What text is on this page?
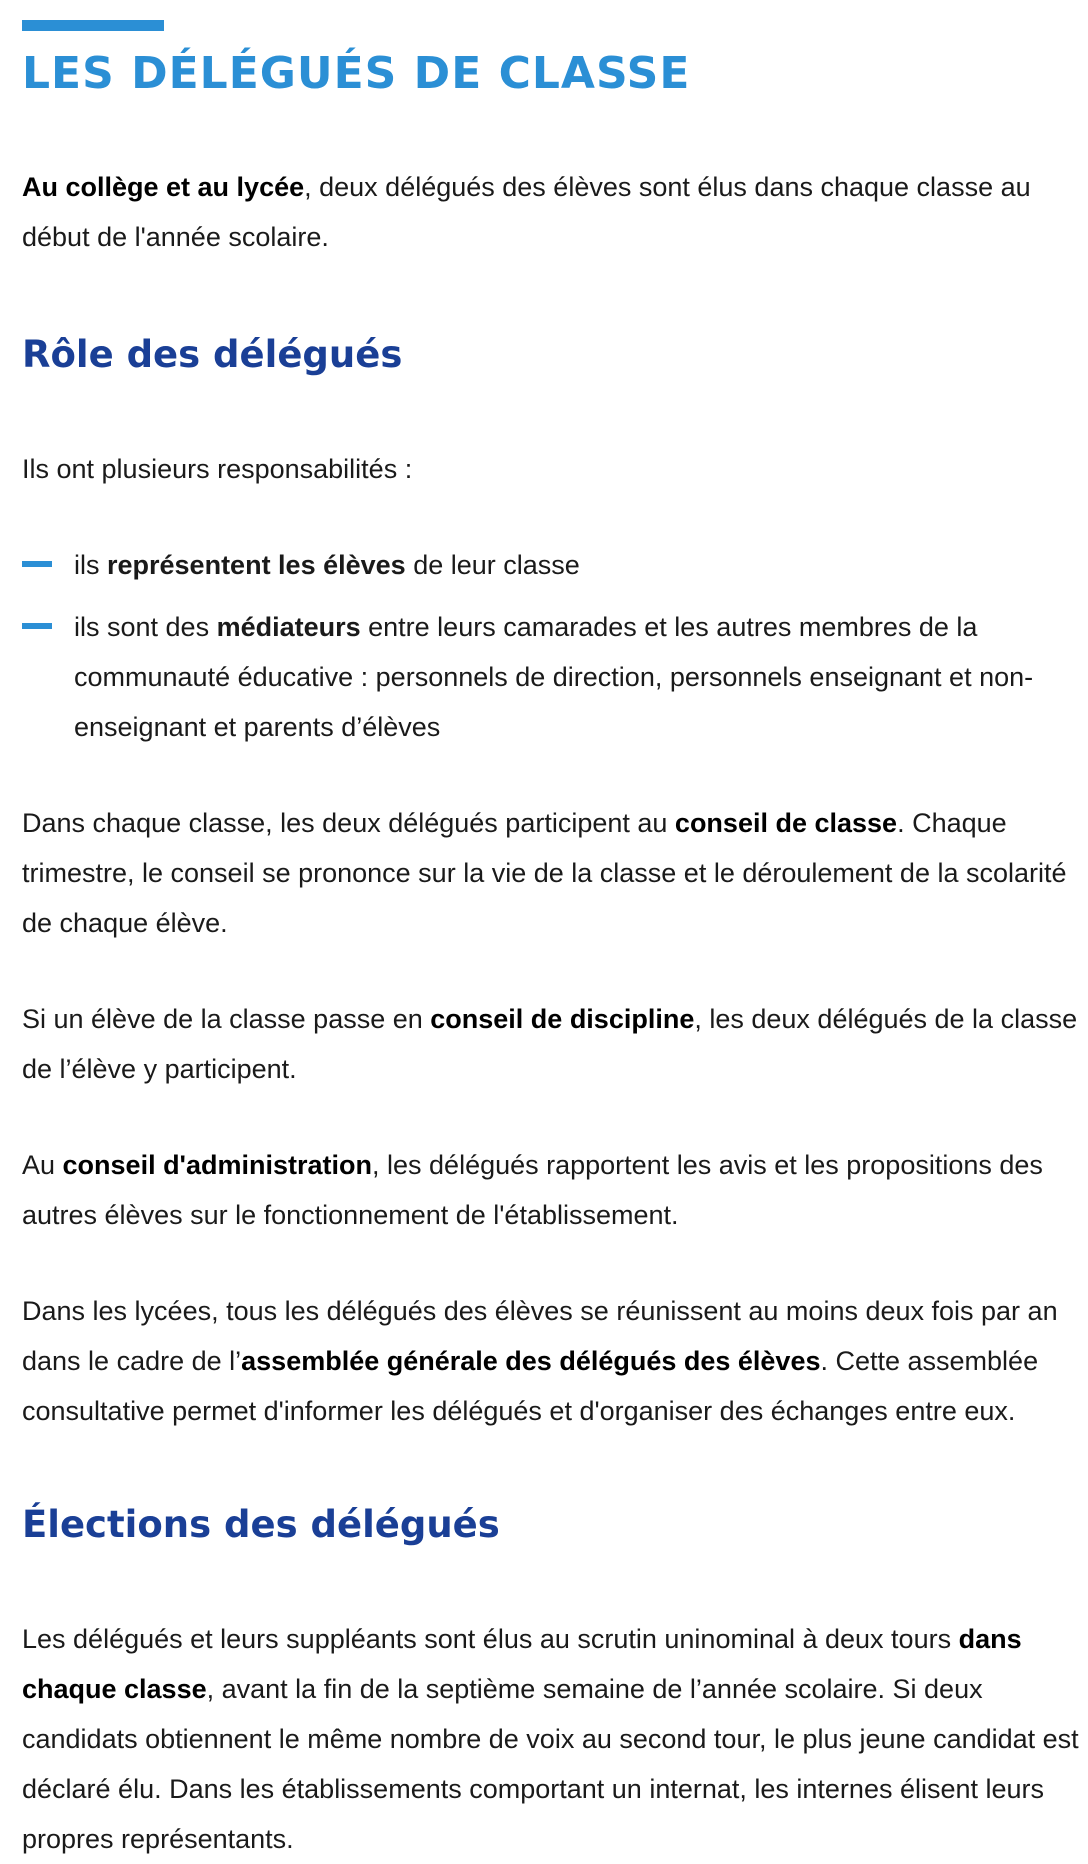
LES DÉLÉGUÉS DE CLASSE

Au collège et au lycée, deux délégués des élèves sont élus dans chaque classe au début de l'année scolaire.

Rôle des délégués

Ils ont plusieurs responsabilités :

ils représentent les élèves de leur classe
ils sont des médiateurs entre leurs camarades et les autres membres de la communauté éducative : personnels de direction, personnels enseignant et non-enseignant et parents d’élèves

Dans chaque classe, les deux délégués participent au conseil de classe. Chaque trimestre, le conseil se prononce sur la vie de la classe et le déroulement de la scolarité de chaque élève.

Si un élève de la classe passe en conseil de discipline, les deux délégués de la classe de l’élève y participent.

Au conseil d'administration, les délégués rapportent les avis et les propositions des autres élèves sur le fonctionnement de l'établissement.

Dans les lycées, tous les délégués des élèves se réunissent au moins deux fois par an dans le cadre de l’assemblée générale des délégués des élèves. Cette assemblée consultative permet d'informer les délégués et d'organiser des échanges entre eux.

Élections des délégués

Les délégués et leurs suppléants sont élus au scrutin uninominal à deux tours dans chaque classe, avant la fin de la septième semaine de l’année scolaire. Si deux candidats obtiennent le même nombre de voix au second tour, le plus jeune candidat est déclaré élu. Dans les établissements comportant un internat, les internes élisent leurs propres représentants.
